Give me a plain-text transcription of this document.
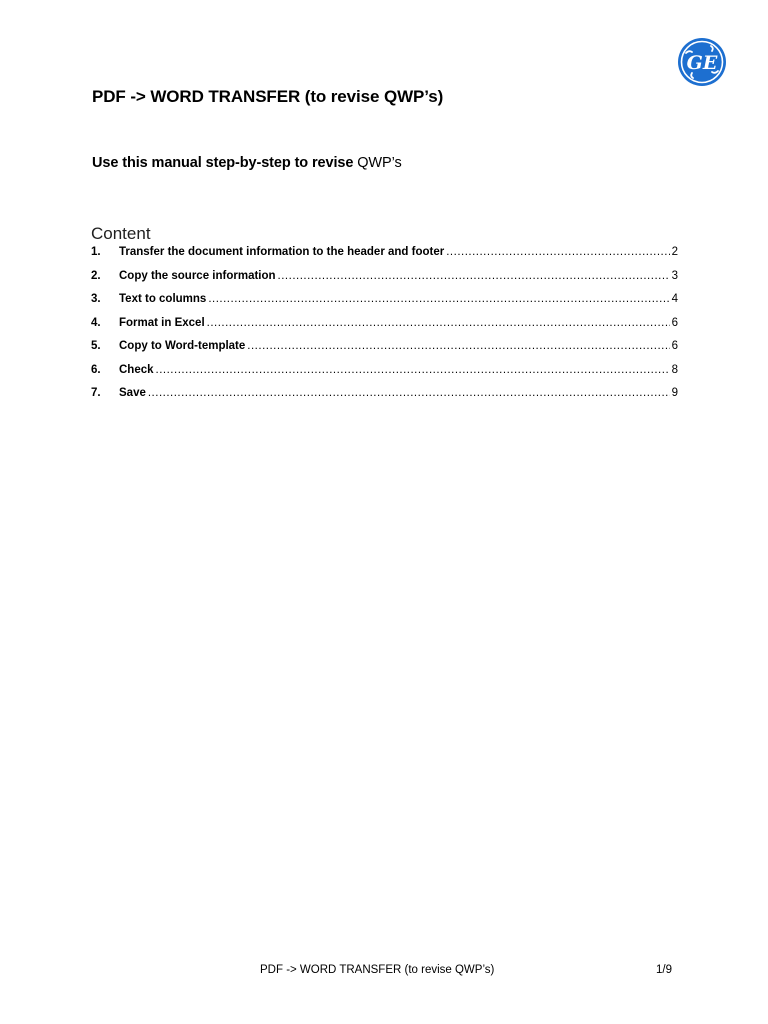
GE
PDF -> WORD TRANSFER (to revise QWP’s)

Use this manual step-by-step to revise QWP’s

Content
1.	Transfer the document information to the header and footer .....	2
2.	Copy the source information .....	3
3.	Text to columns .....	4
4.	Format in Excel .....	6
5.	Copy to Word-template .....	6
6.	Check .....	8
7.	Save .....	9

PDF -> WORD TRANSFER (to revise QWP’s)	1/9
